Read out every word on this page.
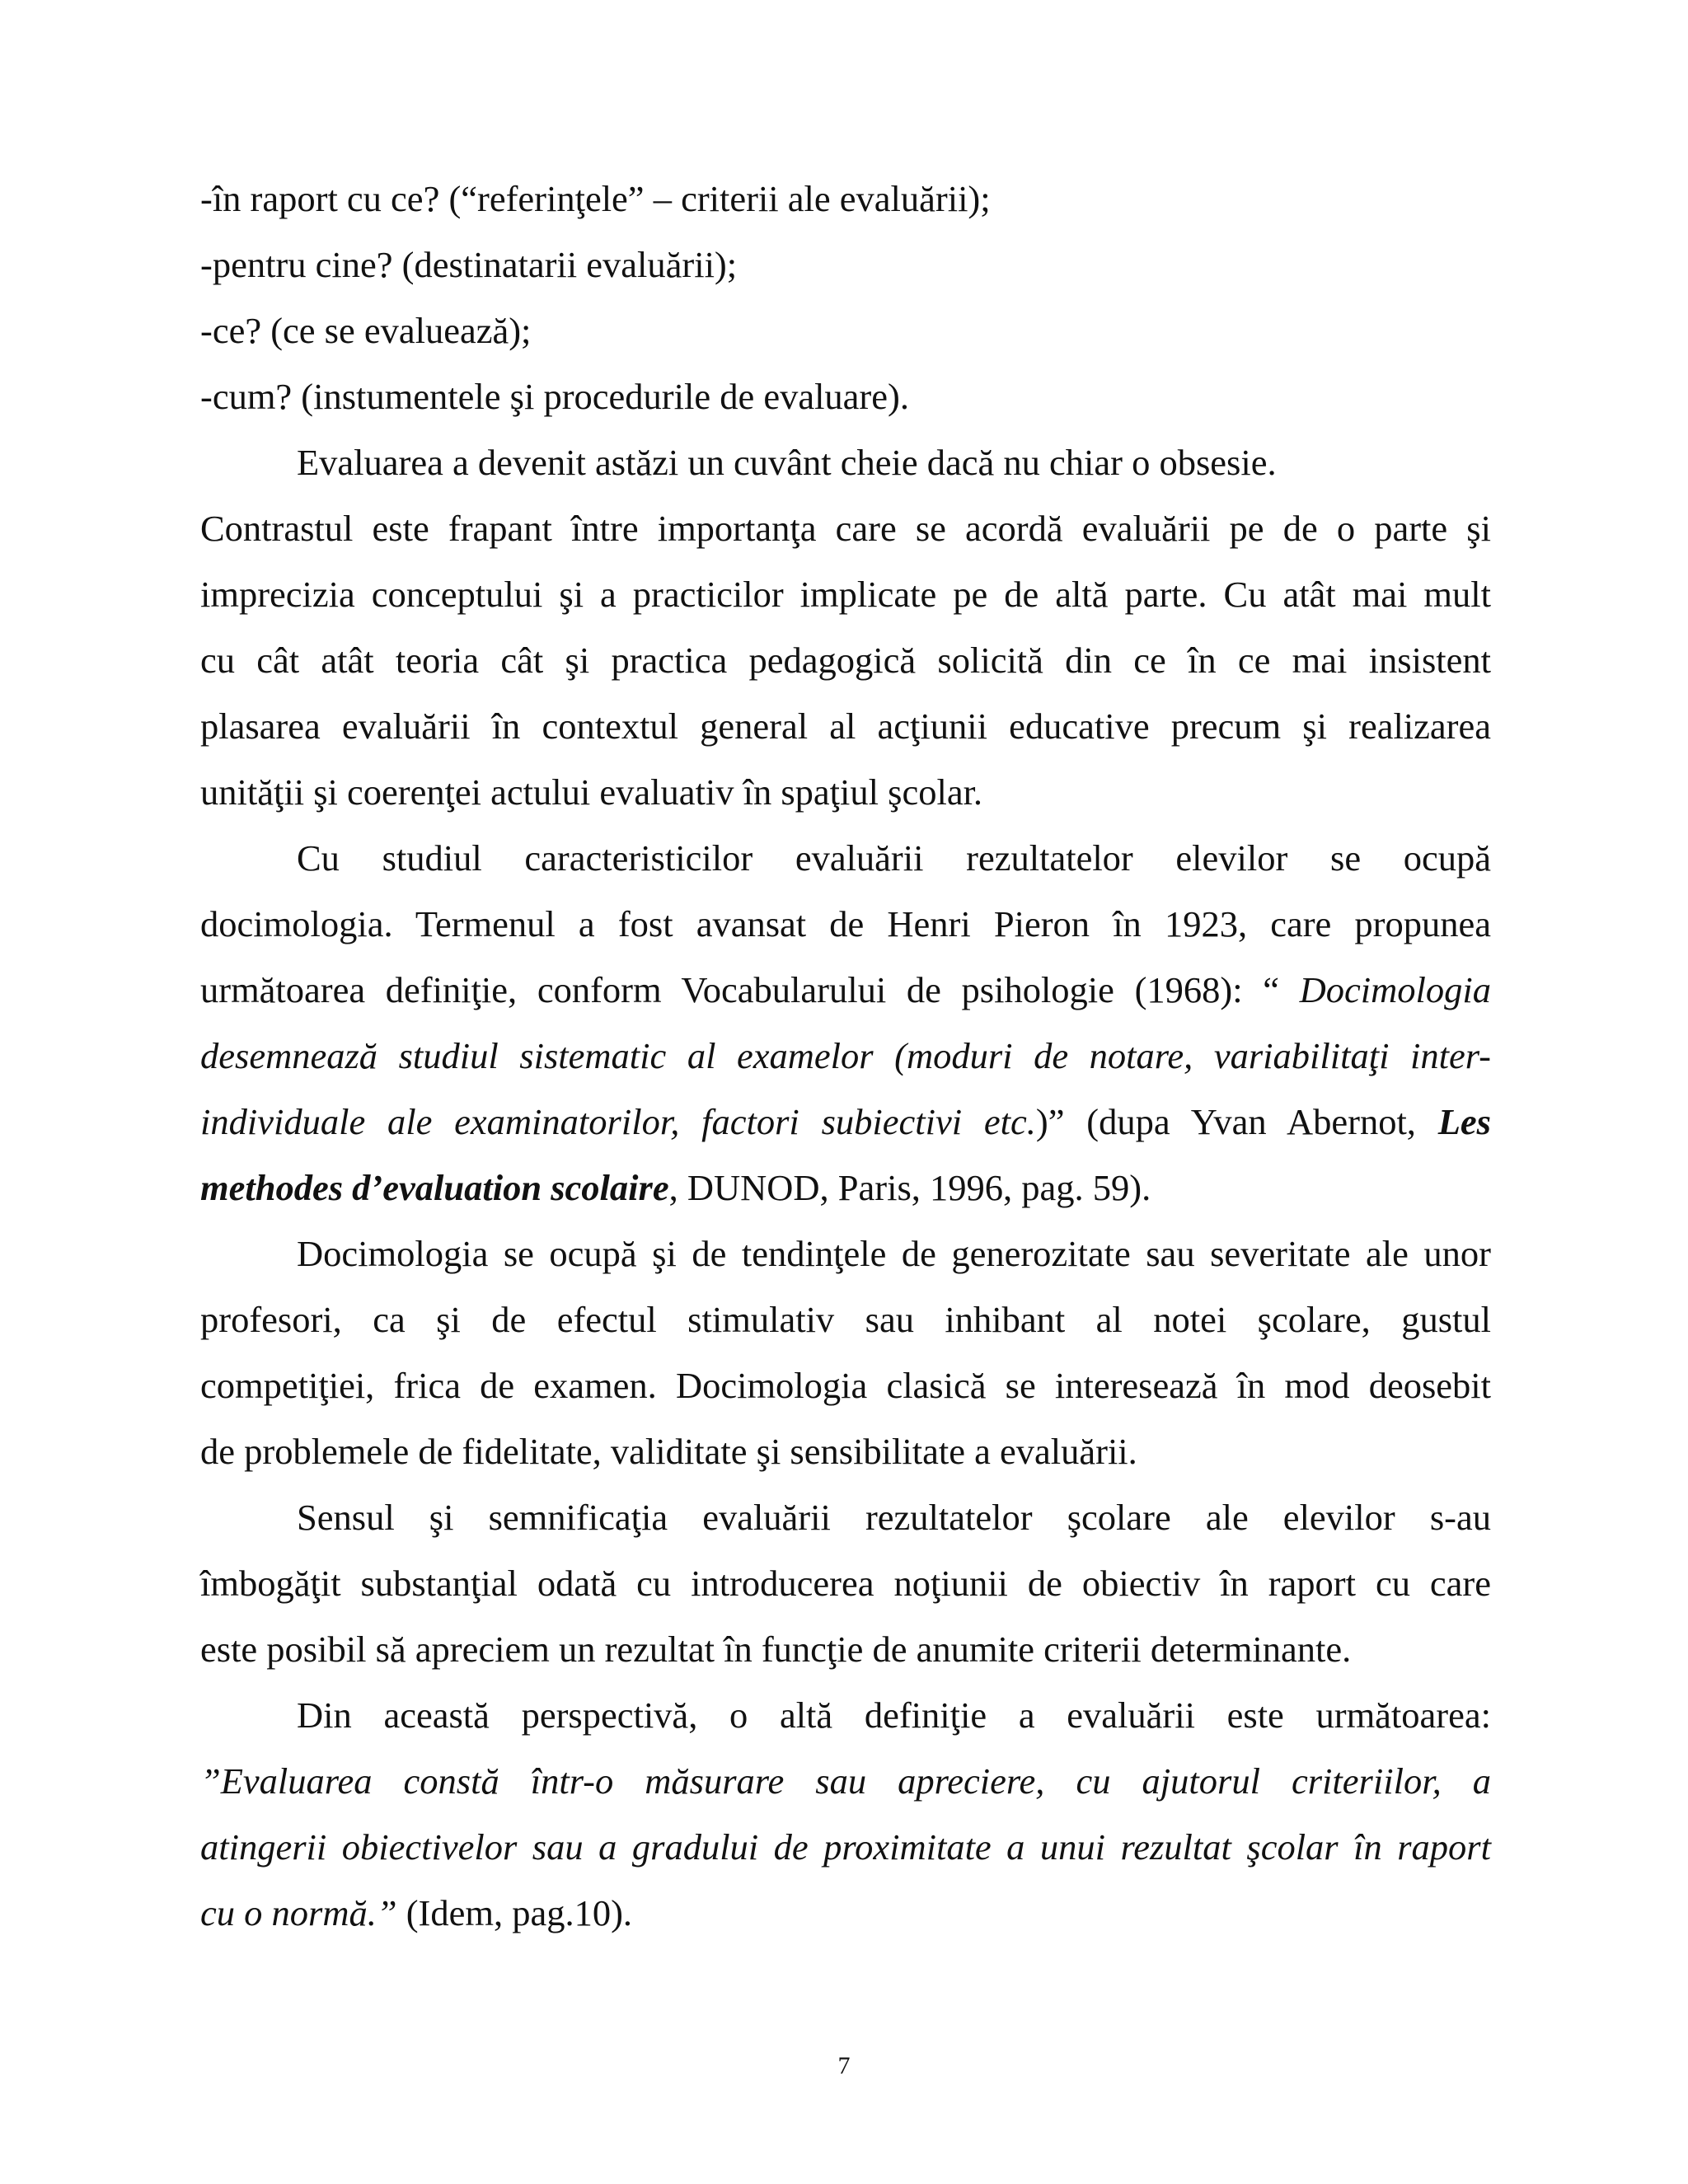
-în raport cu ce? (“referinţele” – criterii ale evaluării);
-pentru cine? (destinatarii evaluării);
-ce? (ce se evaluează);
-cum? (instumentele şi procedurile de evaluare).
Evaluarea a devenit astăzi un cuvânt cheie dacă nu chiar o obsesie.
Contrastul este frapant între importanţa care se acordă evaluării pe de o parte şi
imprecizia conceptului şi a practicilor implicate pe de altă parte. Cu atât mai mult
cu cât atât teoria cât şi practica pedagogică solicită din ce în ce mai insistent
plasarea evaluării în contextul general al acţiunii educative precum şi realizarea
unităţii şi coerenţei actului evaluativ în spaţiul şcolar.
Cu studiul caracteristicilor evaluării rezultatelor elevilor se ocupă
docimologia. Termenul a fost avansat de Henri Pieron în 1923, care propunea
următoarea definiţie, conform Vocabularului de psihologie (1968): “ Docimologia
desemnează studiul sistematic al examelor (moduri de notare, variabilitaţi inter-
individuale ale examinatorilor, factori subiectivi etc.)” (dupa Yvan Abernot, Les
methodes d’evaluation scolaire, DUNOD, Paris, 1996, pag. 59).
Docimologia se ocupă şi de tendinţele de generozitate sau severitate ale unor
profesori, ca şi de efectul stimulativ sau inhibant al notei şcolare, gustul
competiţiei, frica de examen. Docimologia clasică se interesează în mod deosebit
de problemele de fidelitate, validitate şi sensibilitate a evaluării.
Sensul şi semnificaţia evaluării rezultatelor şcolare ale elevilor s-au
îmbogăţit substanţial odată cu introducerea noţiunii de obiectiv în raport cu care
este posibil să apreciem un rezultat în funcţie de anumite criterii determinante.
Din această perspectivă, o altă definiţie a evaluării este următoarea:
”Evaluarea constă într-o măsurare sau apreciere, cu ajutorul criteriilor, a
atingerii obiectivelor sau a gradului de proximitate a unui rezultat şcolar în raport
cu o normă.” (Idem, pag.10).
7
